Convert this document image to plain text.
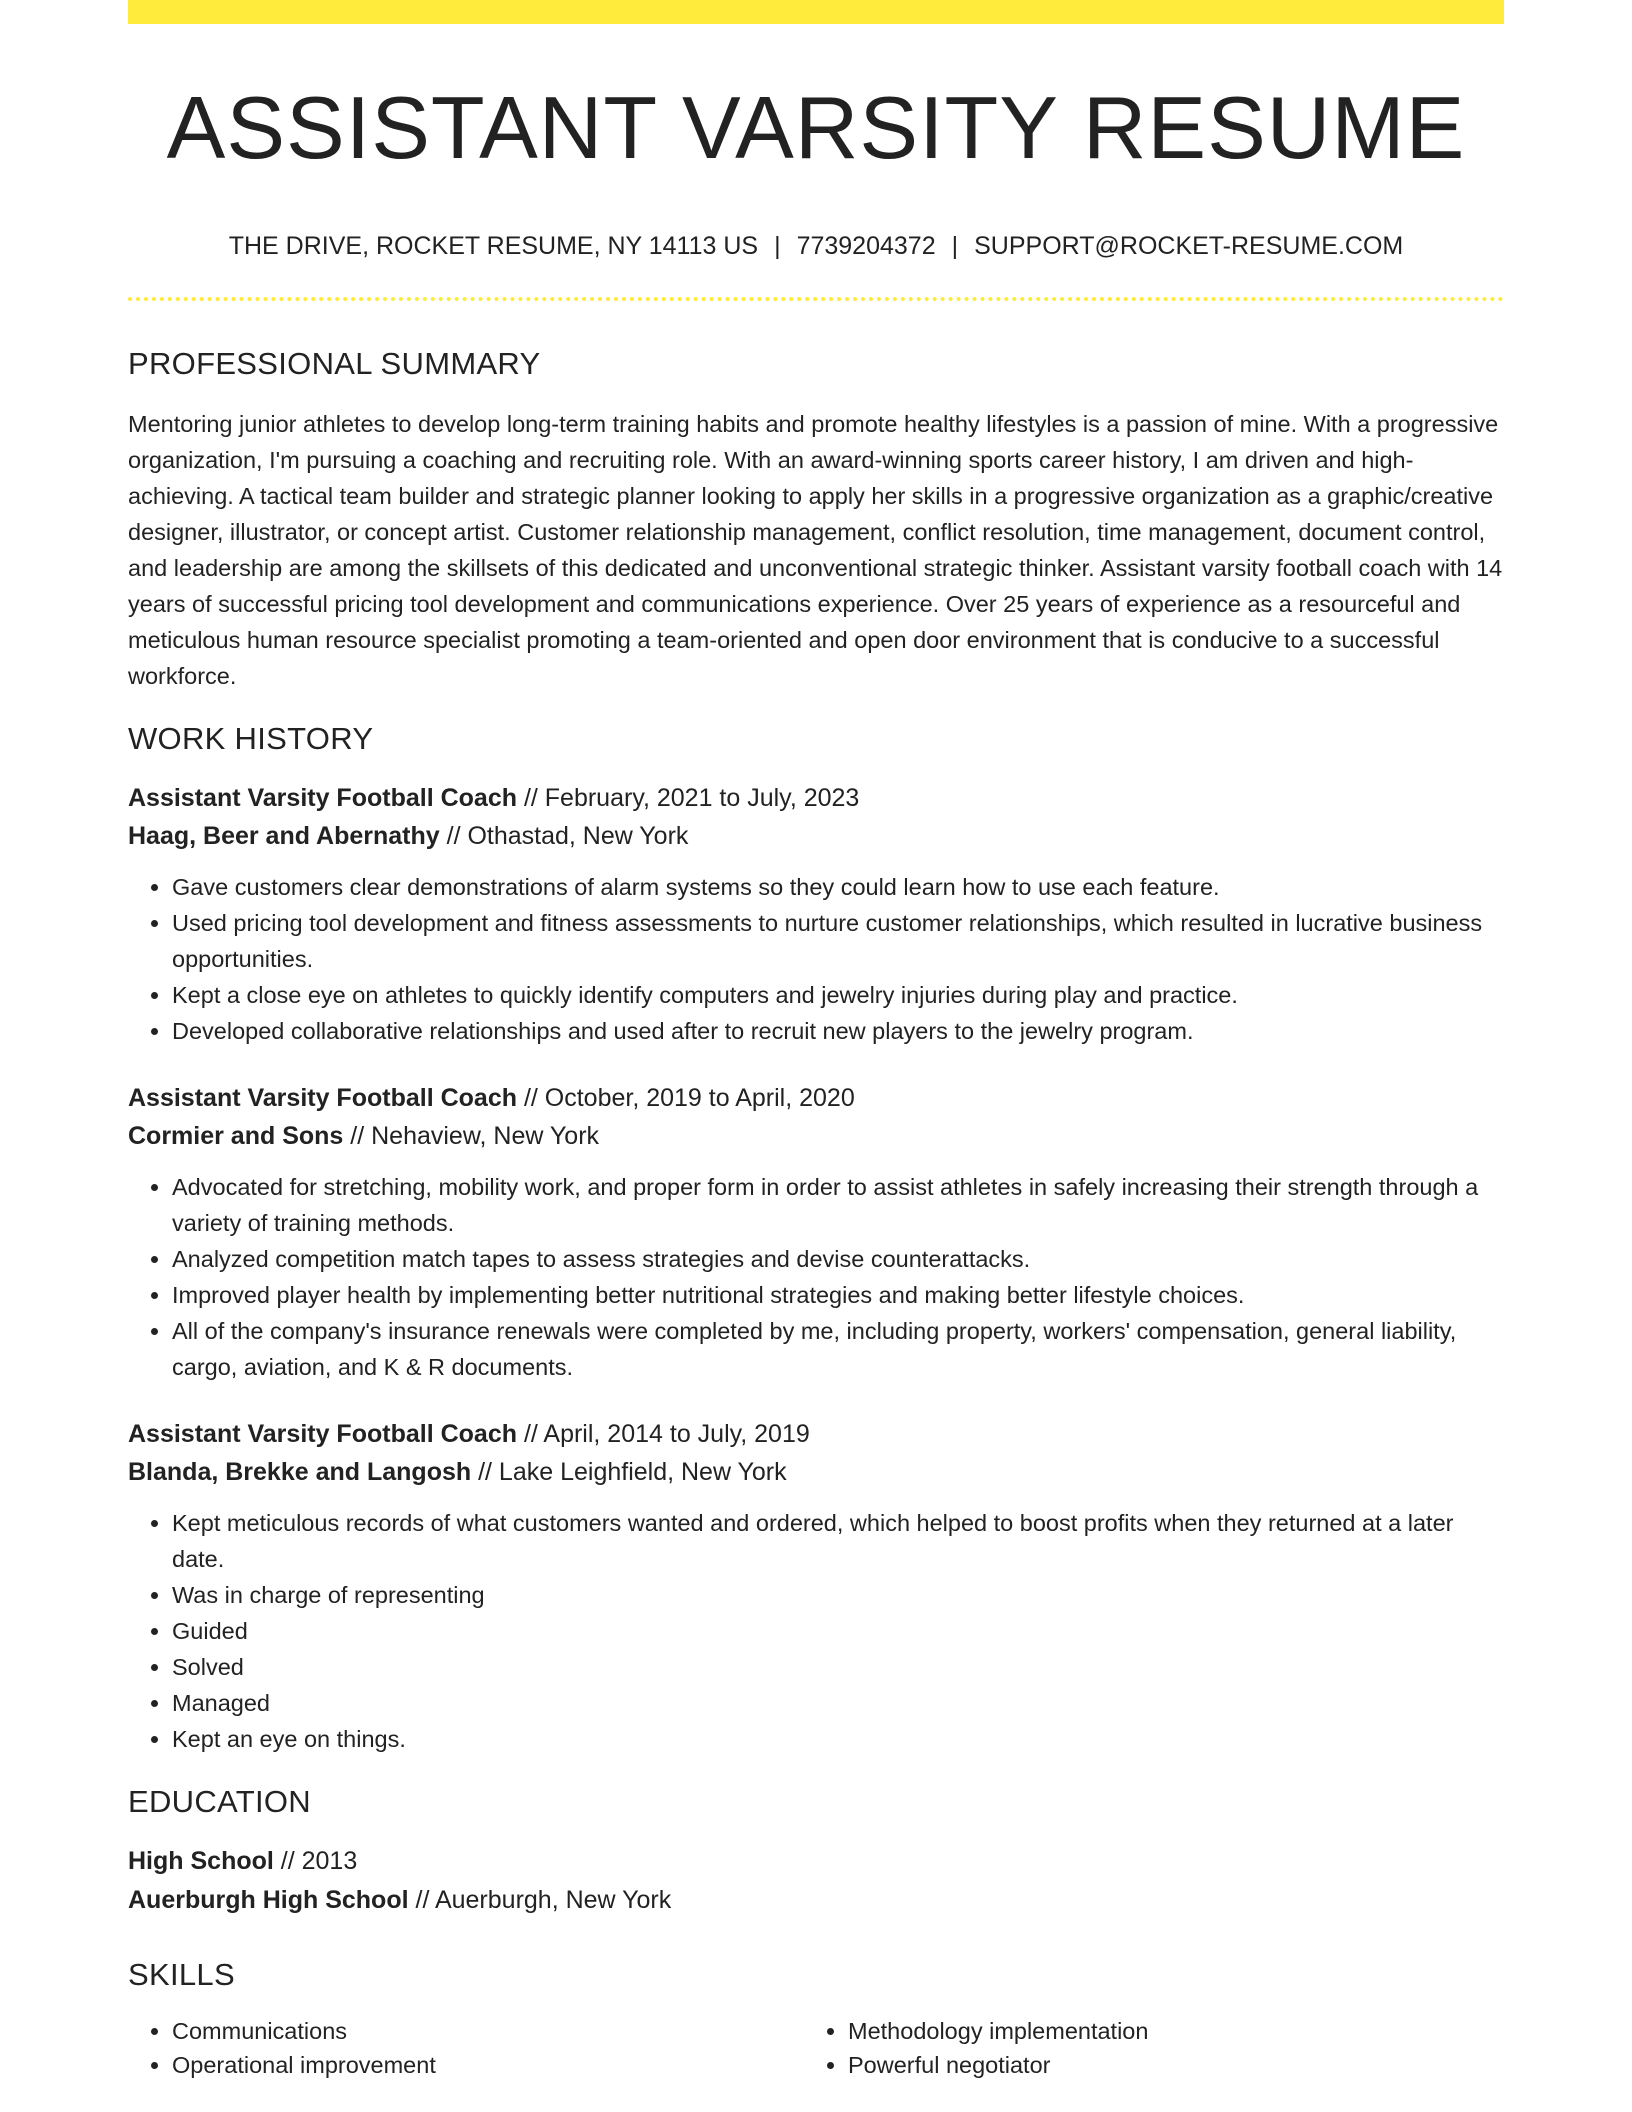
ASSISTANT VARSITY RESUME
THE DRIVE, ROCKET RESUME, NY 14113 US | 7739204372 | SUPPORT@ROCKET-RESUME.COM
PROFESSIONAL SUMMARY

Mentoring junior athletes to develop long-term training habits and promote healthy lifestyles is a passion of mine. With a progressive organization, I'm pursuing a coaching and recruiting role. With an award-winning sports career history, I am driven and high-achieving. A tactical team builder and strategic planner looking to apply her skills in a progressive organization as a graphic/creative designer, illustrator, or concept artist. Customer relationship management, conflict resolution, time management, document control, and leadership are among the skillsets of this dedicated and unconventional strategic thinker. Assistant varsity football coach with 14 years of successful pricing tool development and communications experience. Over 25 years of experience as a resourceful and meticulous human resource specialist promoting a team-oriented and open door environment that is conducive to a successful workforce.

WORK HISTORY
Assistant Varsity Football Coach // February, 2021 to July, 2023
Haag, Beer and Abernathy // Othastad, New York
• Gave customers clear demonstrations of alarm systems so they could learn how to use each feature.
• Used pricing tool development and fitness assessments to nurture customer relationships, which resulted in lucrative business opportunities.
• Kept a close eye on athletes to quickly identify computers and jewelry injuries during play and practice.
• Developed collaborative relationships and used after to recruit new players to the jewelry program.
Assistant Varsity Football Coach // October, 2019 to April, 2020
Cormier and Sons // Nehaview, New York
• Advocated for stretching, mobility work, and proper form in order to assist athletes in safely increasing their strength through a variety of training methods.
• Analyzed competition match tapes to assess strategies and devise counterattacks.
• Improved player health by implementing better nutritional strategies and making better lifestyle choices.
• All of the company's insurance renewals were completed by me, including property, workers' compensation, general liability, cargo, aviation, and K & R documents.
Assistant Varsity Football Coach // April, 2014 to July, 2019
Blanda, Brekke and Langosh // Lake Leighfield, New York
• Kept meticulous records of what customers wanted and ordered, which helped to boost profits when they returned at a later date.
• Was in charge of representing
• Guided
• Solved
• Managed
• Kept an eye on things.
EDUCATION
High School // 2013
Auerburgh High School // Auerburgh, New York
SKILLS
• Communications
• Operational improvement
• Methodology implementation
• Powerful negotiator
